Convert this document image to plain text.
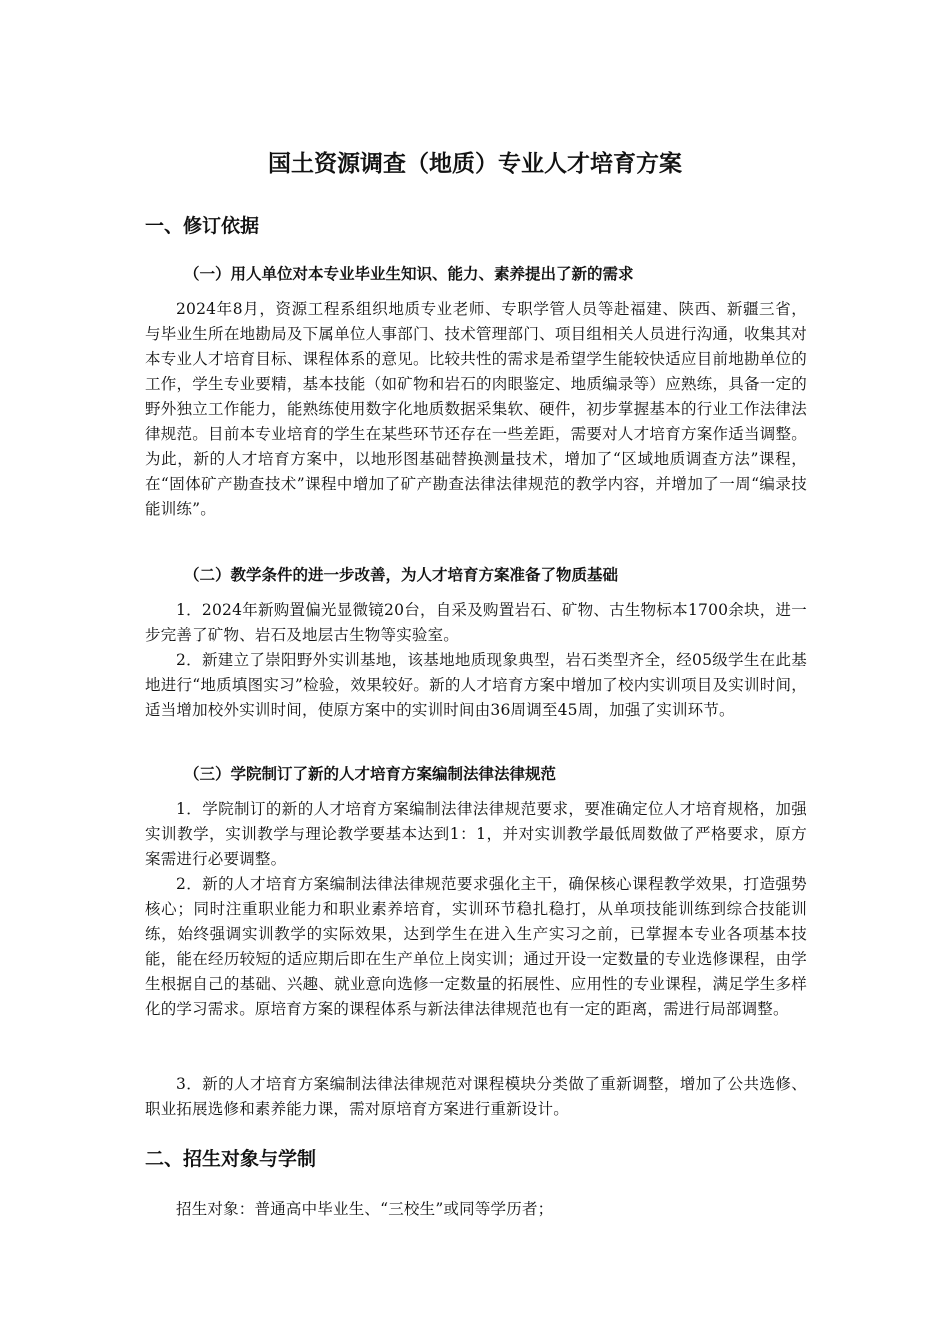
国土资源调查（地质）专业人才培育方案
一、修订依据
（一）用人单位对本专业毕业生知识、能力、素养提出了新的需求

2024年8月，资源工程系组织地质专业老师、专职学管人员等赴福建、陕西、新疆三省，与毕业生所在地勘局及下属单位人事部门、技术管理部门、项目组相关人员进行沟通，收集其对本专业人才培育目标、课程体系的意见。比较共性的需求是希望学生能较快适应目前地勘单位的工作，学生专业要精，基本技能（如矿物和岩石的肉眼鉴定、地质编录等）应熟练，具备一定的野外独立工作能力，能熟练使用数字化地质数据采集软、硬件，初步掌握基本的行业工作法律法律规范。目前本专业培育的学生在某些环节还存在一些差距，需要对人才培育方案作适当调整。为此，新的人才培育方案中，以地形图基础替换测量技术，增加了“区域地质调查方法”课程，在“固体矿产勘查技术”课程中增加了矿产勘查法律法律规范的教学内容，并增加了一周“编录技能训练”。

（二）教学条件的进一步改善，为人才培育方案准备了物质基础

1．2024年新购置偏光显微镜20台，自采及购置岩石、矿物、古生物标本1700余块，进一步完善了矿物、岩石及地层古生物等实验室。

2．新建立了崇阳野外实训基地，该基地地质现象典型，岩石类型齐全，经05级学生在此基地进行“地质填图实习”检验，效果较好。新的人才培育方案中增加了校内实训项目及实训时间，适当增加校外实训时间，使原方案中的实训时间由36周调至45周，加强了实训环节。

（三）学院制订了新的人才培育方案编制法律法律规范

1．学院制订的新的人才培育方案编制法律法律规范要求，要准确定位人才培育规格，加强实训教学，实训教学与理论教学要基本达到1：1，并对实训教学最低周数做了严格要求，原方案需进行必要调整。

2．新的人才培育方案编制法律法律规范要求强化主干，确保核心课程教学效果，打造强势核心；同时注重职业能力和职业素养培育，实训环节稳扎稳打，从单项技能训练到综合技能训练，始终强调实训教学的实际效果，达到学生在进入生产实习之前，已掌握本专业各项基本技能，能在经历较短的适应期后即在生产单位上岗实训；通过开设一定数量的专业选修课程，由学生根据自己的基础、兴趣、就业意向选修一定数量的拓展性、应用性的专业课程，满足学生多样化的学习需求。原培育方案的课程体系与新法律法律规范也有一定的距离，需进行局部调整。

3．新的人才培育方案编制法律法律规范对课程模块分类做了重新调整，增加了公共选修、职业拓展选修和素养能力课，需对原培育方案进行重新设计。

二、招生对象与学制

招生对象：普通高中毕业生、“三校生”或同等学历者；
